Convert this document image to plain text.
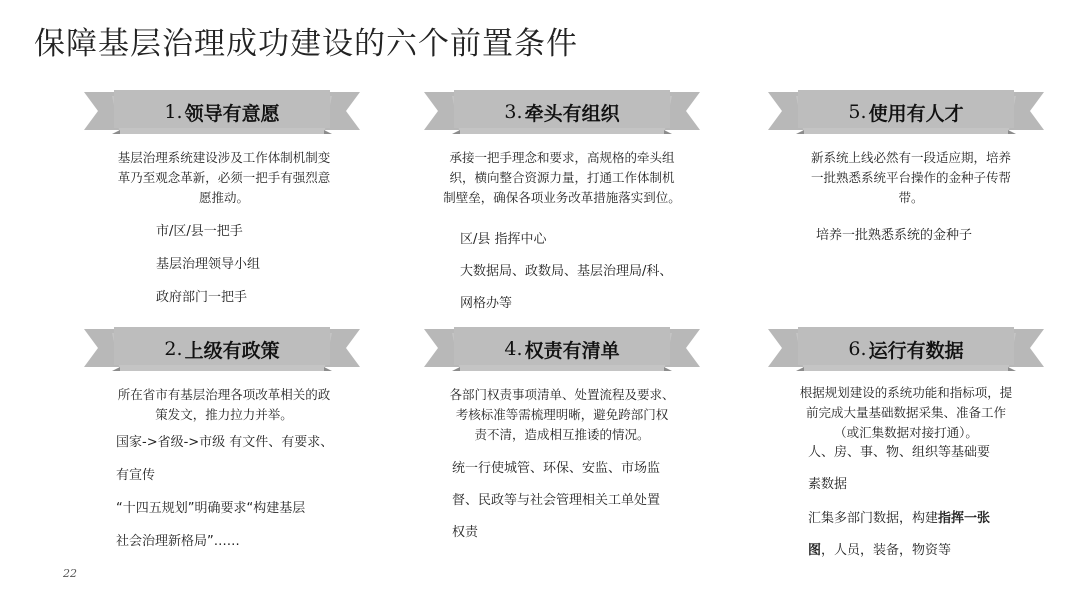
保障基层治理成功建设的六个前置条件
1. 领导有意愿
基层治理系统建设涉及工作体制机制变
革乃至观念革新，必须一把手有强烈意
愿推动。
市/区/县一把手
基层治理领导小组
政府部门一把手
2. 上级有政策
所在省市有基层治理各项改革相关的政
策发文，推力拉力并举。
国家->省级->市级 有文件、有要求、
有宣传
“十四五规划”明确要求“构建基层
社会治理新格局”……
3. 牵头有组织
承接一把手理念和要求，高规格的牵头组
织，横向整合资源力量，打通工作体制机
制壁垒，确保各项业务改革措施落实到位。
区/县 指挥中心
大数据局、政数局、基层治理局/科、
网格办等
4. 权责有清单
各部门权责事项清单、处置流程及要求、
考核标准等需梳理明晰，避免跨部门权
责不清，造成相互推诿的情况。
统一行使城管、环保、安监、市场监
督、民政等与社会管理相关工单处置
权责
5. 使用有人才
新系统上线必然有一段适应期，培养
一批熟悉系统平台操作的金种子传帮
带。
培养一批熟悉系统的金种子
6. 运行有数据
根据规划建设的系统功能和指标项，提
前完成大量基础数据采集、准备工作
（或汇集数据对接打通）。
人、房、事、物、组织等基础要
素数据
汇集多部门数据，构建指挥一张
图，人员，装备，物资等
22
